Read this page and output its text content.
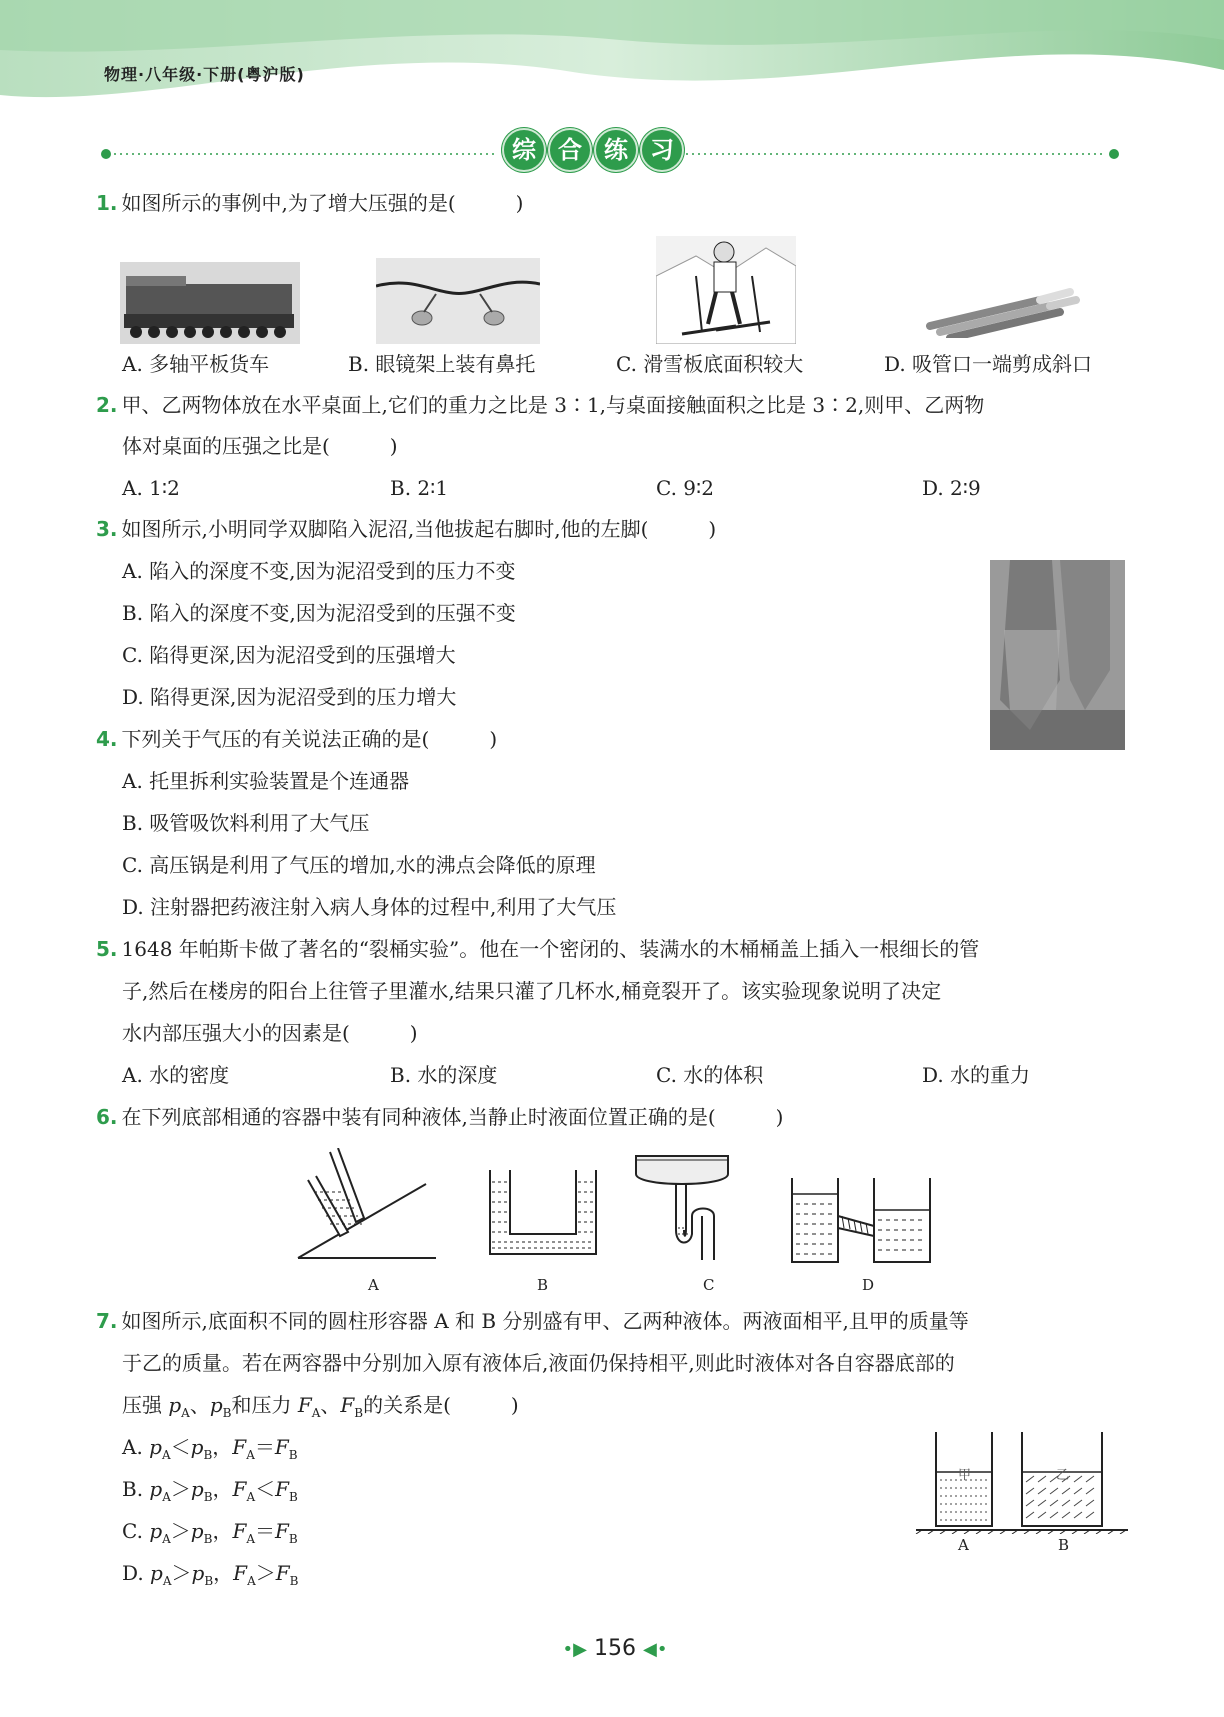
物理·八年级·下册(粤沪版)
综 合 练 习
1. 如图所示的事例中,为了增大压强的是(　　　)
A. 多轴平板货车	B. 眼镜架上装有鼻托	C. 滑雪板底面积较大	D. 吸管口一端剪成斜口
2. 甲、乙两物体放在水平桌面上,它们的重力之比是 3∶1,与桌面接触面积之比是 3∶2,则甲、乙两物
体对桌面的压强之比是(　　　)
A. 1∶2	B. 2∶1	C. 9∶2	D. 2∶9
3. 如图所示,小明同学双脚陷入泥沼,当他拔起右脚时,他的左脚(　　　)
A. 陷入的深度不变,因为泥沼受到的压力不变
B. 陷入的深度不变,因为泥沼受到的压强不变
C. 陷得更深,因为泥沼受到的压强增大
D. 陷得更深,因为泥沼受到的压力增大
4. 下列关于气压的有关说法正确的是(　　　)
A. 托里拆利实验装置是个连通器
B. 吸管吸饮料利用了大气压
C. 高压锅是利用了气压的增加,水的沸点会降低的原理
D. 注射器把药液注射入病人身体的过程中,利用了大气压
5. 1648 年帕斯卡做了著名的“裂桶实验”。他在一个密闭的、装满水的木桶桶盖上插入一根细长的管
子,然后在楼房的阳台上往管子里灌水,结果只灌了几杯水,桶竟裂开了。该实验现象说明了决定
水内部压强大小的因素是(　　　)
A. 水的密度	B. 水的深度	C. 水的体积	D. 水的重力
6. 在下列底部相通的容器中装有同种液体,当静止时液面位置正确的是(　　　)
A	B	C	D
7. 如图所示,底面积不同的圆柱形容器 A 和 B 分别盛有甲、乙两种液体。两液面相平,且甲的质量等
于乙的质量。若在两容器中分别加入原有液体后,液面仍保持相平,则此时液体对各自容器底部的
压强 $p_A$、$p_B$和压力 $F_A$、$F_B$的关系是(　　　)
A. $p_A<p_B$，$F_A=F_B$
B. $p_A>p_B$，$F_A<F_B$
C. $p_A>p_B$，$F_A=F_B$
D. $p_A>p_B$，$F_A>F_B$
甲	乙
A	B
•▶ 156 ◀•
